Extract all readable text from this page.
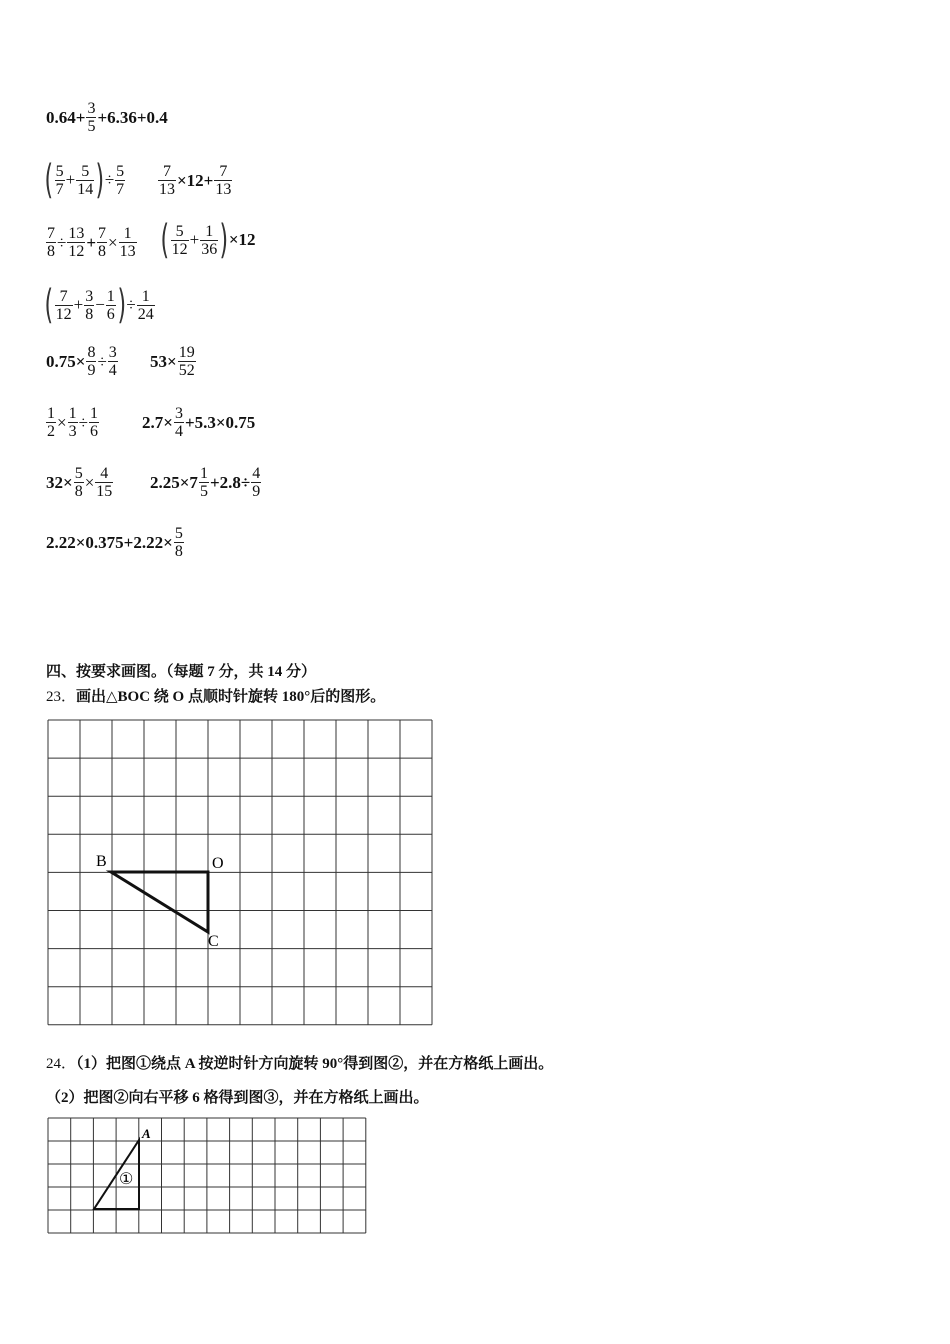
$0.64+ \frac{3}{5} +6.36+0.4$
( $\frac{5}{7} + \frac{5}{14}$ ) ÷ $\frac{5}{7} \frac{7}{13} \times 12+ \frac{7}{13}$
$\frac{7}{8} \div \frac{13}{12} + \frac{7}{8} \times \frac{1}{13}$ ( $\frac{5}{12} + \frac{1}{36}$ ) ×12
( $\frac{7}{12} + \frac{3}{8} - \frac{1}{6}$ ) ÷ $\frac{1}{24}$
$0.75\times \frac{8}{9} \div \frac{3}{4} 53\times \frac{19}{52}$
$\frac{1}{2} \times \frac{1}{3} \div \frac{1}{6}$	$2.7\times \frac{3}{4} +5.3\times 0.75$
$32\times \frac{5}{8} \times \frac{4}{15} 2.25\times 7 \frac{1}{5} +2.8\div \frac{4}{9}$
$2.22\times 0.375+2.22\times \frac{5}{8}$
四、按要求画图。（每题 7 分，共 14 分）
23．画出△BOC 绕 O 点顺时针旋转 180°后的图形。
B	O
C
A
①
24．（1）把图①绕点 A 按逆时针方向旋转 90°得到图②，并在方格纸上画出。
（2）把图②向右平移 6 格得到图③，并在方格纸上画出。
